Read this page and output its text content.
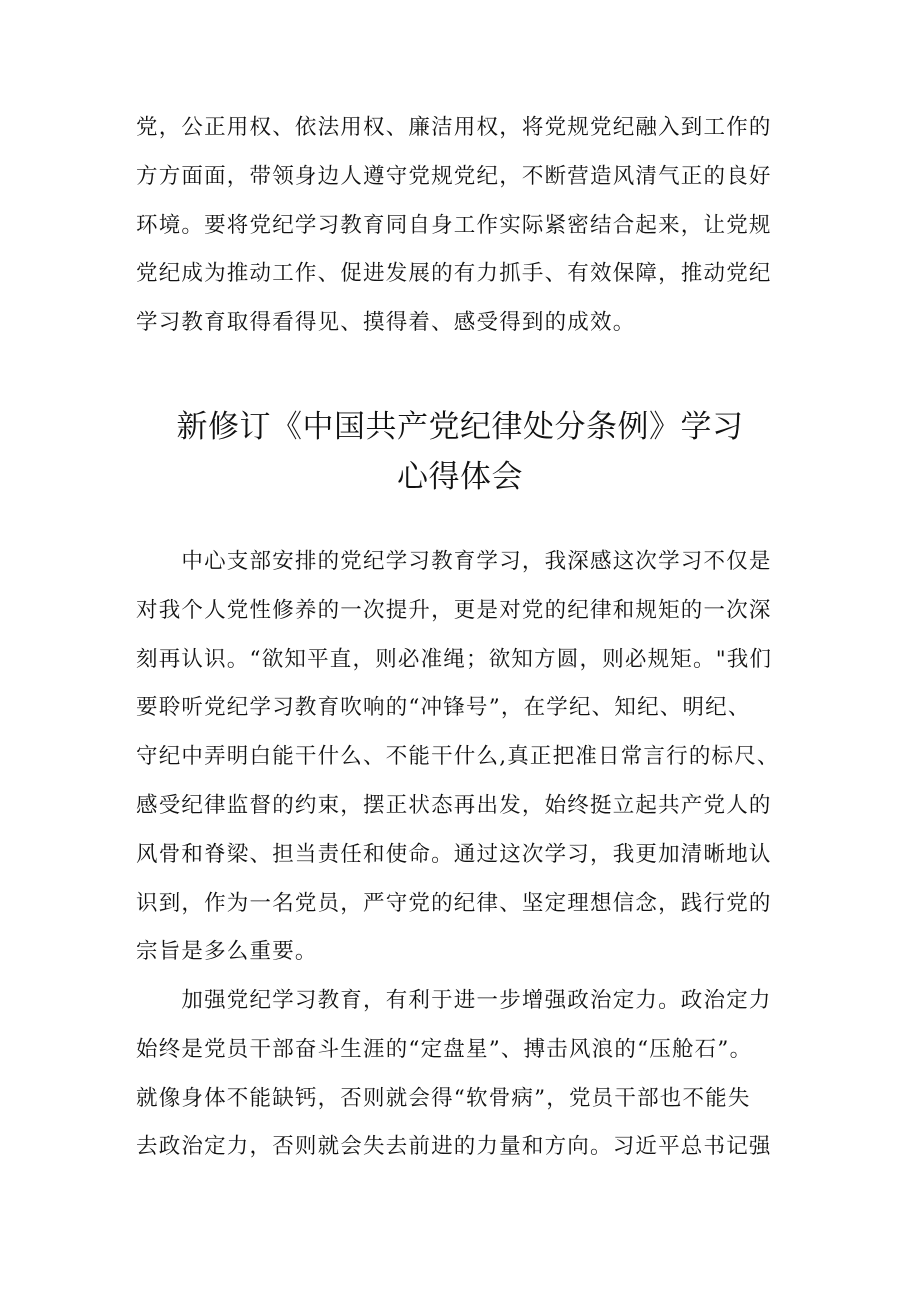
党，公正用权、依法用权、廉洁用权，将党规党纪融入到工作的
方方面面，带领身边人遵守党规党纪，不断营造风清气正的良好
环境。要将党纪学习教育同自身工作实际紧密结合起来，让党规
党纪成为推动工作、促进发展的有力抓手、有效保障，推动党纪
学习教育取得看得见、摸得着、感受得到的成效。
新修订《中国共产党纪律处分条例》学习
心得体会
　　中心支部安排的党纪学习教育学习，我深感这次学习不仅是
对我个人党性修养的一次提升，更是对党的纪律和规矩的一次深
刻再认识。“欲知平直，则必准绳；欲知方圆，则必规矩。"我们
要聆听党纪学习教育吹响的“冲锋号”，在学纪、知纪、明纪、
守纪中弄明白能干什么、不能干什么,真正把准日常言行的标尺、
感受纪律监督的约束，摆正状态再出发，始终挺立起共产党人的
风骨和脊梁、担当责任和使命。通过这次学习，我更加清晰地认
识到，作为一名党员，严守党的纪律、坚定理想信念，践行党的
宗旨是多么重要。
　　加强党纪学习教育，有利于进一步增强政治定力。政治定力
始终是党员干部奋斗生涯的“定盘星”、搏击风浪的“压舱石”。
就像身体不能缺钙，否则就会得“软骨病”，党员干部也不能失
去政治定力，否则就会失去前进的力量和方向。习近平总书记强
